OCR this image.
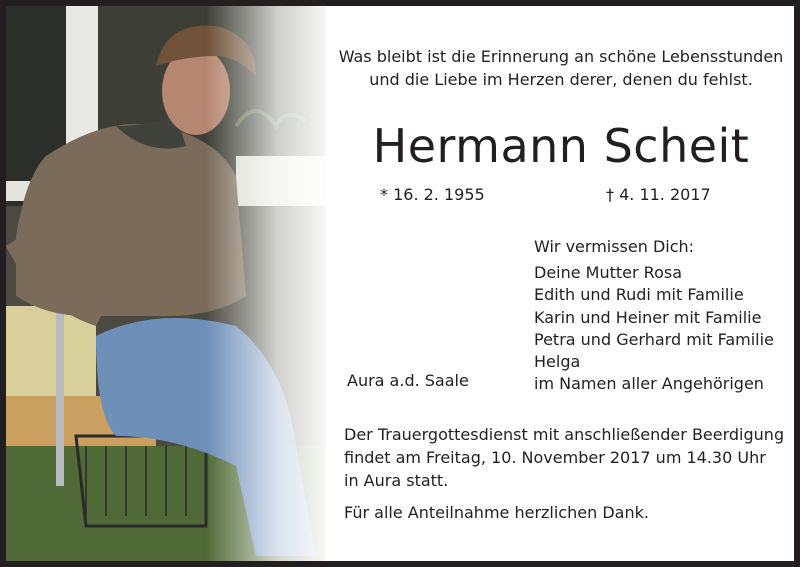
Was bleibt ist die Erinnerung an schöne Lebensstunden
und die Liebe im Herzen derer, denen du fehlst.
Hermann Scheit
* 16. 2. 1955	† 4. 11. 2017
Wir vermissen Dich:
Deine Mutter Rosa
Edith und Rudi mit Familie
Karin und Heiner mit Familie
Petra und Gerhard mit Familie
Helga
im Namen aller Angehörigen
Aura a.d. Saale
Der Trauergottesdienst mit anschließender Beerdigung
findet am Freitag, 10. November 2017 um 14.30 Uhr
in Aura statt.
Für alle Anteilnahme herzlichen Dank.
